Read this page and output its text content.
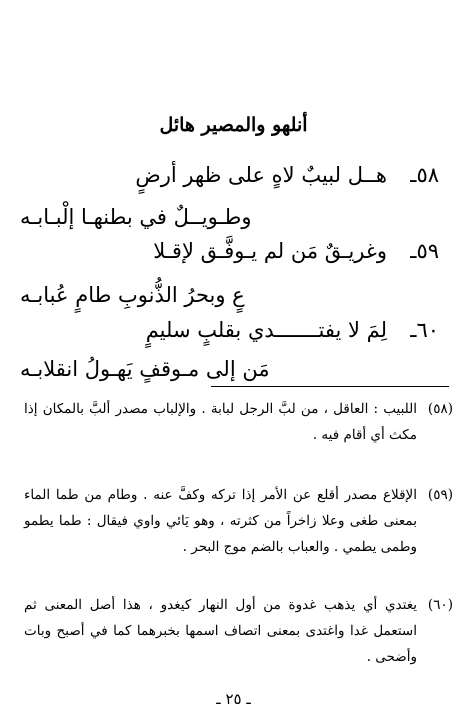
أنلهو والمصير هائل
٥٨ـهــل لبيبٌ لاهٍ على ظهر أرضٍ
وطـويــلٌ في بطنهـا إلْبـابـه
٥٩ـوغريـقٌ مَن لم يـوفَّـق لإقـلا
عٍ وبحرُ الذُّنوبِ طامٍ عُبابـه
٦٠ـلِمَ لا يفتـــــــدي بقلبٍ سليمٍ
مَن إلى مـوقفٍ يَهـولُ انقلابـه
(٥٨)
اللبيب : العاقل ، من لبَّ الرجل لبابة . والإلباب مصدر ألبَّ بالمكان إذا مكث أي أقام فيه .
(٥٩)
الإقلاع مصدر أقلع عن الأمر إذا تركه وكفَّ عنه . وطام من طما الماء بمعنى طغى وعلا زاخراً من كثرته ، وهو يَائي واوي فيقال : طما يطمو وطمى يطمي . والعباب بالضم موج البحر .
(٦٠)
يغتدي أي يذهب غدوة من أول النهار كيغدو ، هذا أصل المعنى ثم استعمل غدا واغتدى بمعنى اتصاف اسمها بخبرهما كما في أصبح وبات وأضحى .
ـ ٢٥ ـ
